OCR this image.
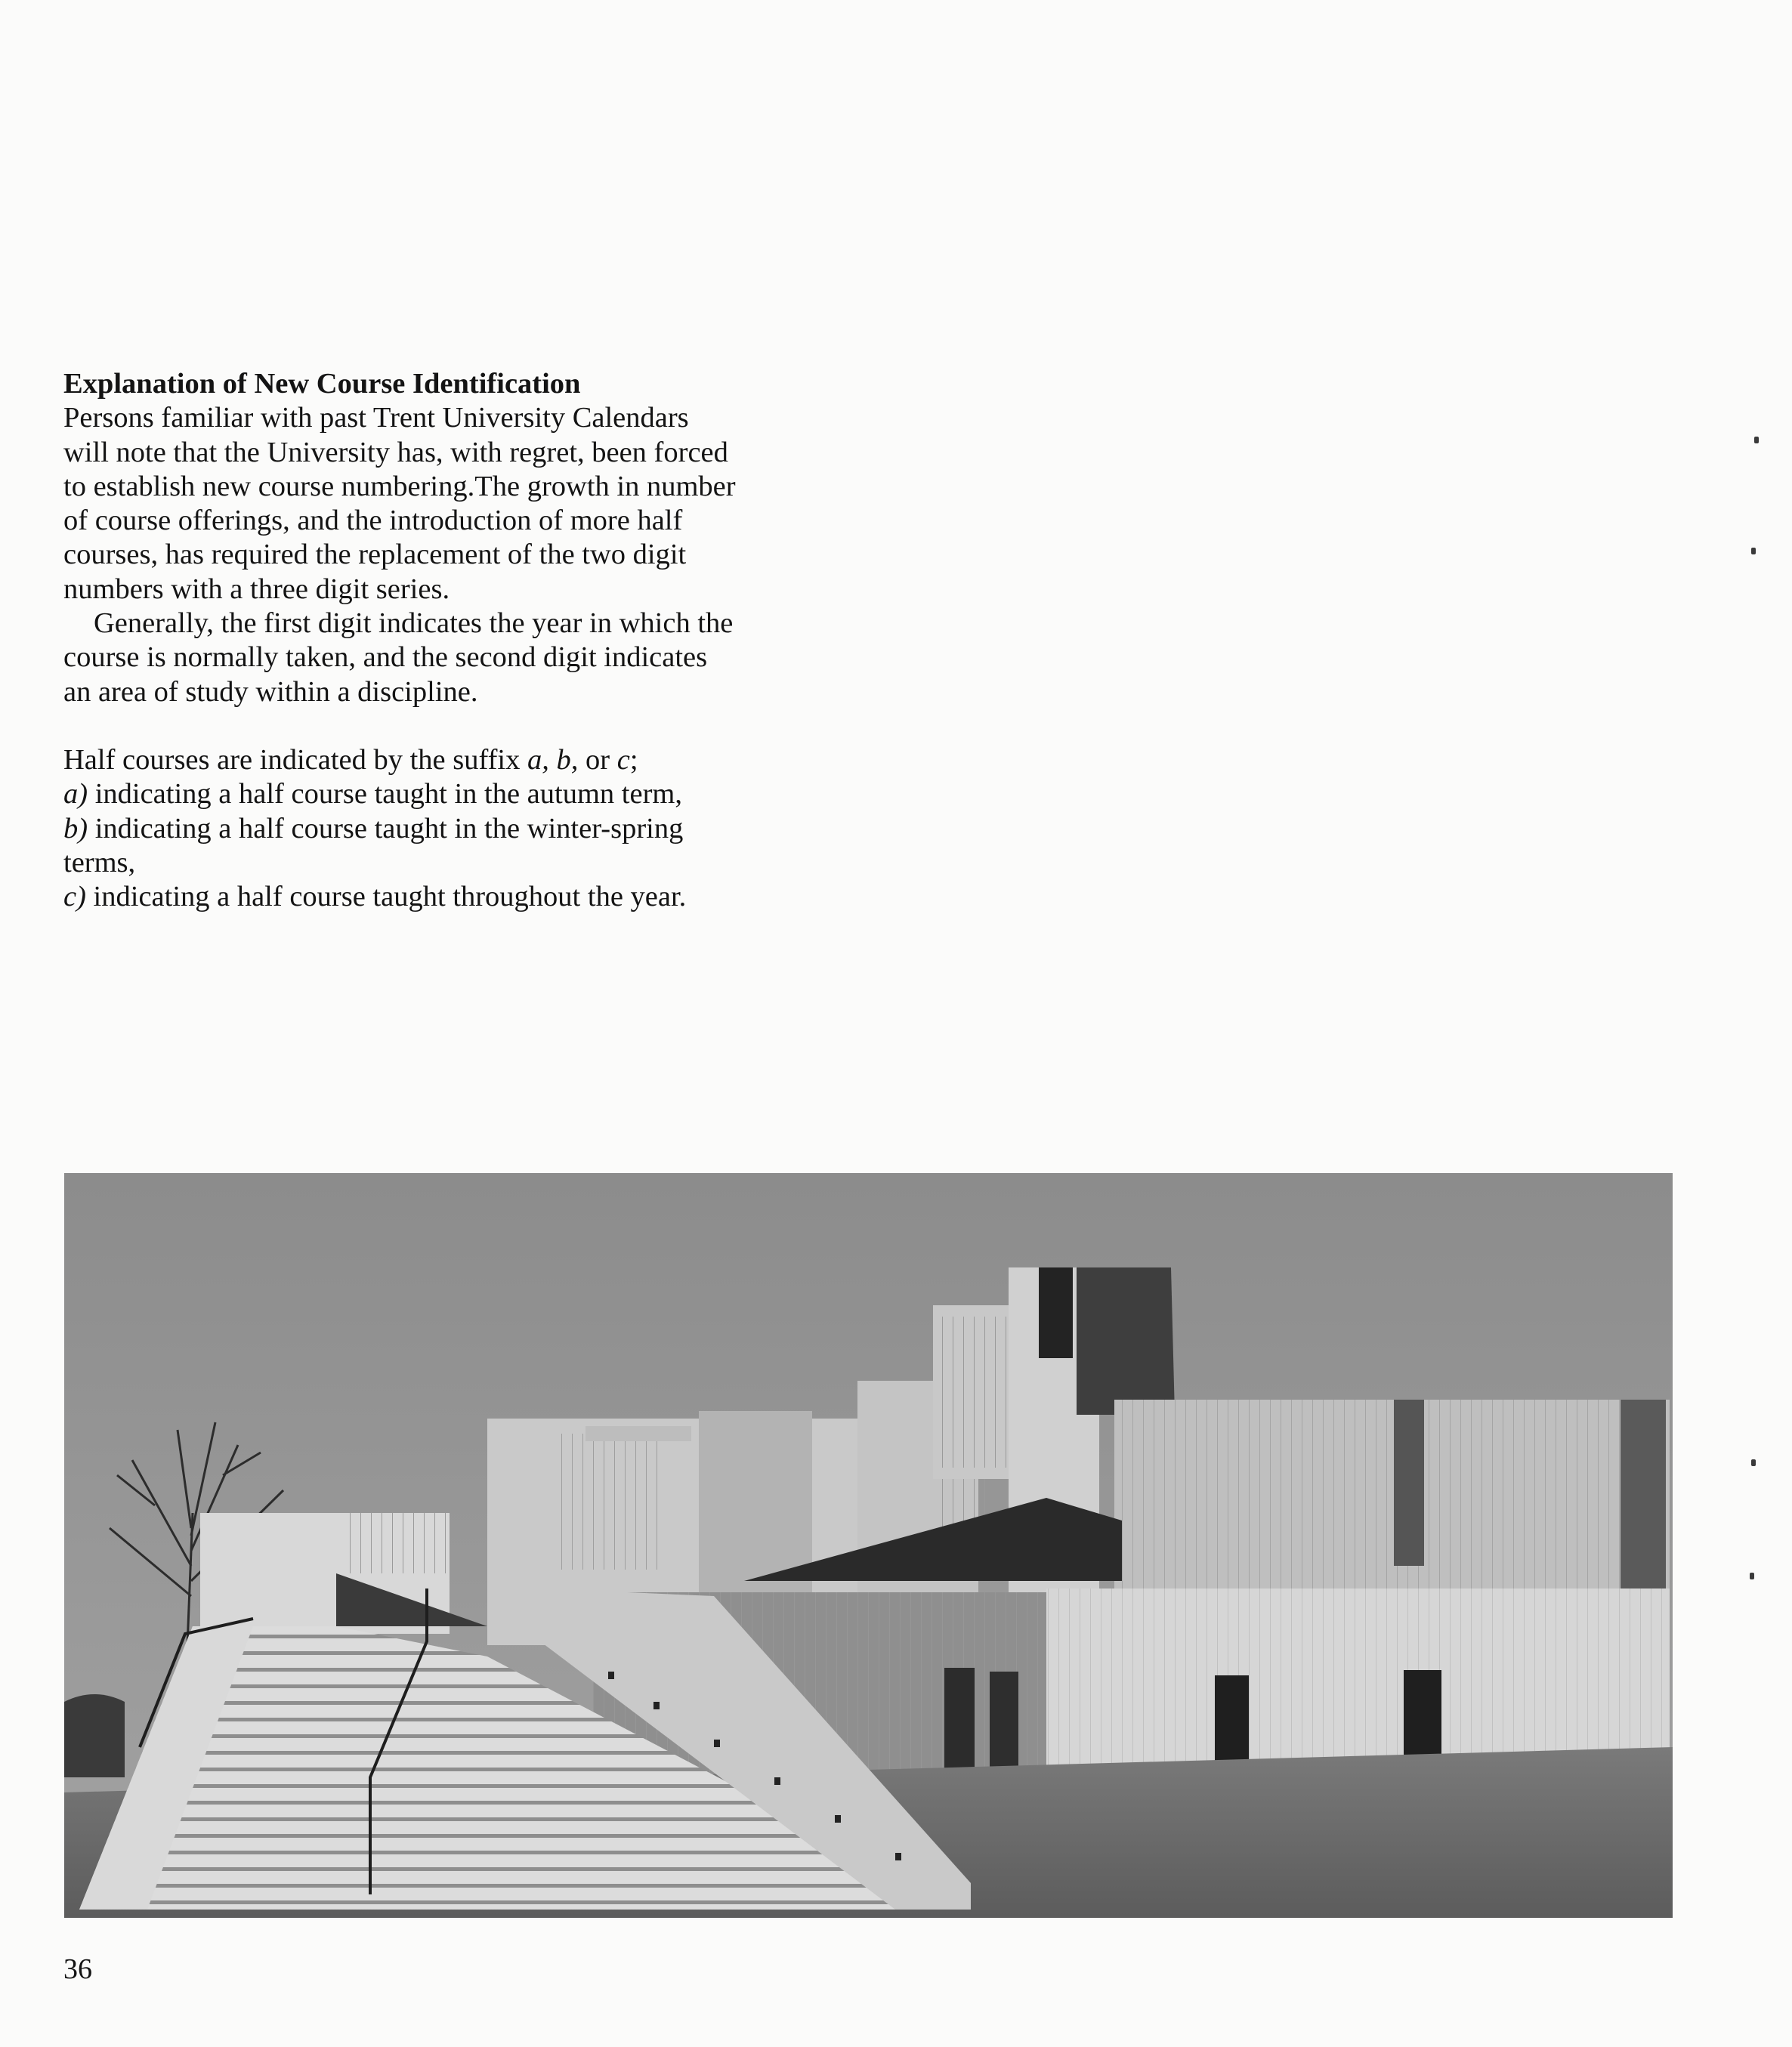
Explanation of New Course Identification

Persons familiar with past Trent University Calendars
will note that the University has, with regret, been forced
to establish new course numbering.The growth in number
of course offerings, and the introduction of more half
courses, has required the replacement of the two digit
numbers with a three digit series.

Generally, the first digit indicates the year in which the
course is normally taken, and the second digit indicates
an area of study within a discipline.

Half courses are indicated by the suffix a, b, or c;
a) indicating a half course taught in the autumn term,
b) indicating a half course taught in the winter-spring
terms,
c) indicating a half course taught throughout the year.

36
